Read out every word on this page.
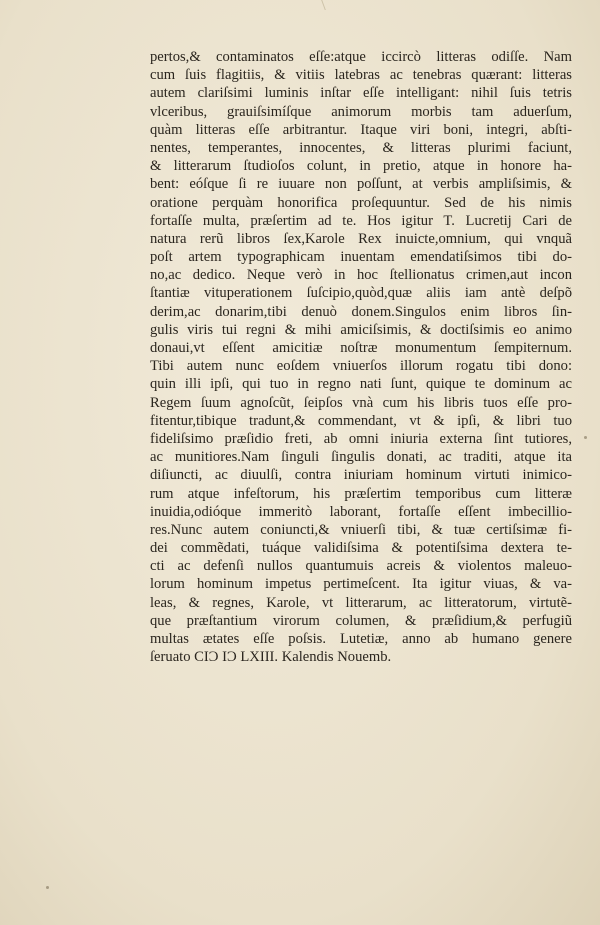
pertos,& contaminatos eſſe:atque iccircò litteras odiſſe. Nam
cum ſuis flagitiis, & vitiis latebras ac tenebras quærant: litteras
autem clariſsimi luminis inſtar eſſe intelligant: nihil ſuis tetris
vlceribus, grauiſsimíſque animorum morbis tam aduerſum,
quàm litteras eſſe arbitrantur. Itaque viri boni, integri, abſti-
nentes, temperantes, innocentes, & litteras plurimi faciunt,
& litterarum ſtudioſos colunt, in pretio, atque in honore ha-
bent: eóſque ſi re iuuare non poſſunt, at verbis ampliſsimis, &
oratione perquàm honorifica proſequuntur. Sed de his nimis
fortaſſe multa, præſertim ad te. Hos igitur T. Lucretij Cari de
natura rerũ libros ſex,Karole Rex inuicte,omnium, qui vnquã
poſt artem typographicam inuentam emendatiſsimos tibi do-
no,ac dedico. Neque verò in hoc ſtellionatus crimen,aut incon
ſtantiæ vituperationem ſuſcipio,quòd,quæ aliis iam antè deſpõ
derim,ac donarim,tibi denuò donem.Singulos enim libros ſin-
gulis viris tui regni & mihi amiciſsimis, & doctiſsimis eo animo
donaui,vt eſſent amicitiæ noſtræ monumentum ſempiternum.
Tibi autem nunc eoſdem vniuerſos illorum rogatu tibi dono:
quin illi ipſi, qui tuo in regno nati ſunt, quique te dominum ac
Regem ſuum agnoſcũt, ſeipſos vnà cum his libris tuos eſſe pro-
fitentur,tibique tradunt,& commendant, vt & ipſi, & libri tuo
fideliſsimo præſidio freti, ab omni iniuria externa ſint tutiores,
ac munitiores.Nam ſinguli ſingulis donati, ac traditi, atque ita
diſiuncti, ac diuulſi, contra iniuriam hominum virtuti inimico-
rum atque infeſtorum, his præſertim temporibus cum litteræ
inuidia,odióque immeritò laborant, fortaſſe eſſent imbecillio-
res.Nunc autem coniuncti,& vniuerſi tibi, & tuæ certiſsimæ fi-
dei commẽdati, tuáque validiſsima & potentiſsima dextera te-
cti ac defenſi nullos quantumuis acreis & violentos maleuo-
lorum hominum impetus pertimeſcent. Ita igitur viuas, & va-
leas, & regnes, Karole, vt litterarum, ac litteratorum, virtutẽ-
que præſtantium virorum columen, & præſidium,& perfugiũ
multas ætates eſſe poſsis. Lutetiæ, anno ab humano genere
ſeruato CIϽ IϽ LXIII. Kalendis Nouemb.
